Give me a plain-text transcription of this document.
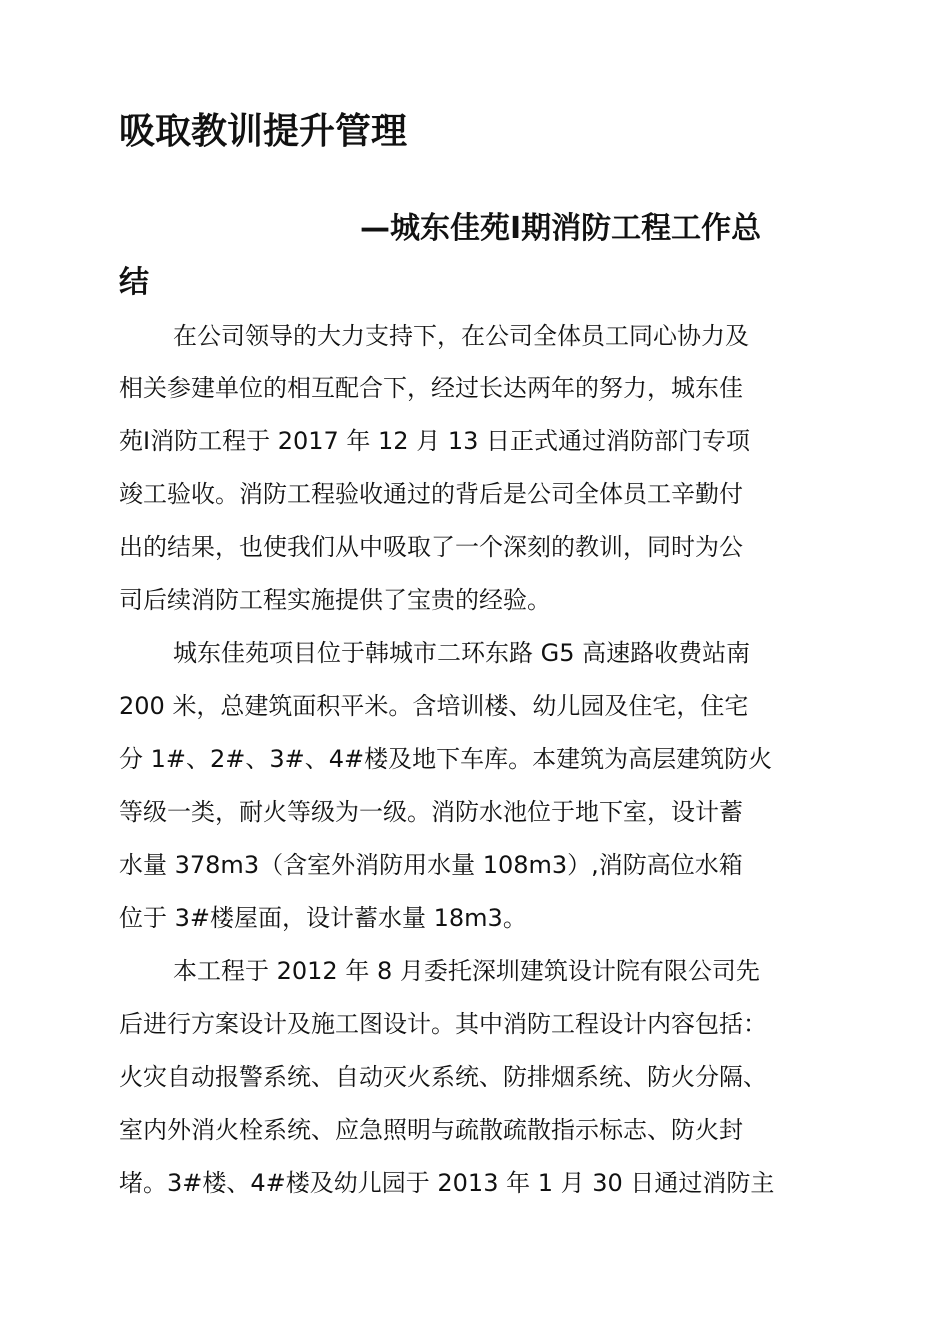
吸取教训提升管理
—城东佳苑Ⅰ期消防工程工作总
结

在公司领导的大力支持下，在公司全体员工同心协力及

相关参建单位的相互配合下，经过长达两年的努力，城东佳

苑Ⅰ消防工程于 2017 年 12 月 13 日正式通过消防部门专项

竣工验收。消防工程验收通过的背后是公司全体员工辛勤付

出的结果，也使我们从中吸取了一个深刻的教训，同时为公

司后续消防工程实施提供了宝贵的经验。

城东佳苑项目位于韩城市二环东路 G5 高速路收费站南

200 米，总建筑面积平米。含培训楼、幼儿园及住宅，住宅

分 1#、2#、3#、4#楼及地下车库。本建筑为高层建筑防火

等级一类，耐火等级为一级。消防水池位于地下室，设计蓄

水量 378m3（含室外消防用水量 108m3）,消防高位水箱

位于 3#楼屋面，设计蓄水量 18m3。

本工程于 2012 年 8 月委托深圳建筑设计院有限公司先

后进行方案设计及施工图设计。其中消防工程设计内容包括：

火灾自动报警系统、自动灭火系统、防排烟系统、防火分隔、

室内外消火栓系统、应急照明与疏散疏散指示标志、防火封

堵。3#楼、4#楼及幼儿园于 2013 年 1 月 30 日通过消防主
